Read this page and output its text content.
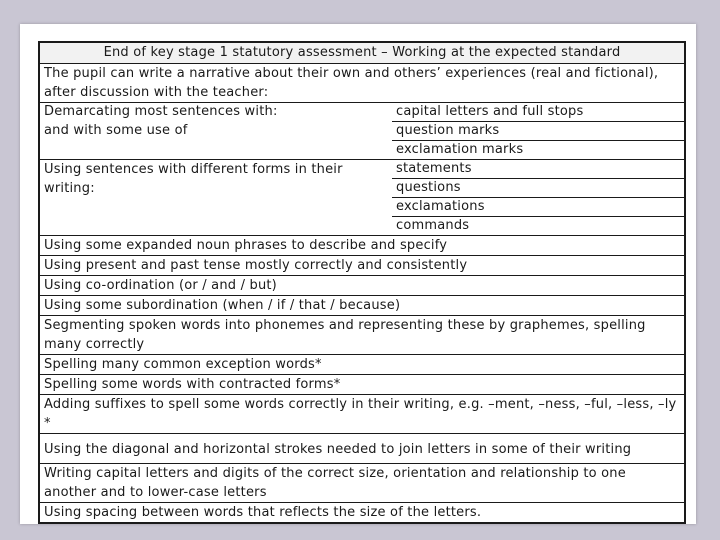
End of key stage 1 statutory assessment – Working at the expected standard
The pupil can write a narrative about their own and others’ experiences (real and fictional), after discussion with the teacher:
Demarcating most sentences with:
and with some use of
capital letters and full stops
question marks
exclamation marks
Using sentences with different forms in their writing:
statements
questions
exclamations
commands
Using some expanded noun phrases to describe and specify
Using present and past tense mostly correctly and consistently
Using co-ordination (or / and / but)
Using some subordination (when / if / that / because)
Segmenting spoken words into phonemes and representing these by graphemes, spelling many correctly
Spelling many common exception words*
Spelling some words with contracted forms*
Adding suffixes to spell some words correctly in their writing, e.g. –ment, –ness, –ful, –less, –ly *
Using the diagonal and horizontal strokes needed to join letters in some of their writing
Writing capital letters and digits of the correct size, orientation and relationship to one another and to lower-case letters
Using spacing between words that reflects the size of the letters.
